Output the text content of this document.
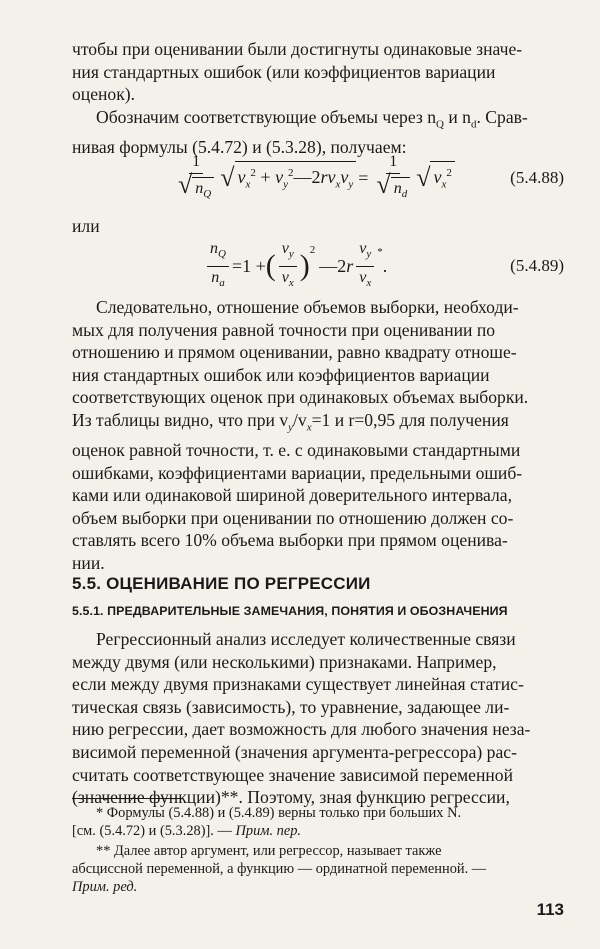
чтобы при оценивании были достигнуты одинаковые значе-
ния стандартных ошибок (или коэффициентов вариации
оценок).

Обозначим соответствующие объемы через $n_Q$ и $n_d$. Срав-
нивая формулы (5.4.72) и (5.3.28), получаем:

$\frac{1}{√ n_Q}$ √ $v_x^2$ + $v_y^2—2rv_xv_y = \frac{1}{√ n_d}$ √ $v_x^2$	(5.4.88)
или
$\frac{n_Q}{n_a} =1$ + ( $\frac{v_y}{v_x} )^2$
—2 r $\frac{v_y}{v_x} ^*$
.	(5.4.89)

Следовательно, отношение объемов выборки, необходи-
мых для получения равной точности при оценивании по
отношению и прямом оценивании, равно квадрату отноше-
ния стандартных ошибок или коэффициентов вариации
соответствующих оценок при одинаковых объемах выборки.
Из таблицы видно, что при $v_y/v_x=1$ и r=0,95 для получения
оценок равной точности, т. е. с одинаковыми стандартными
ошибками, коэффициентами вариации, предельными ошиб-
ками или одинаковой шириной доверительного интервала,
объем выборки при оценивании по отношению должен со-
ставлять всего 10% объема выборки при прямом оценива-
нии.

5.5. ОЦЕНИВАНИЕ ПО РЕГРЕССИИ
5.5.1. ПРЕДВАРИТЕЛЬНЫЕ ЗАМЕЧАНИЯ, ПОНЯТИЯ И ОБОЗНАЧЕНИЯ

Регрессионный анализ исследует количественные связи
между двумя (или несколькими) признаками. Например,
если между двумя признаками существует линейная статис-
тическая связь (зависимость), то уравнение, задающее ли-
нию регрессии, дает возможность для любого значения неза-
висимой переменной (значения аргумента-регрессора) рас-
считать соответствующее значение зависимой переменной
(значение функции)**. Поэтому, зная функцию регрессии,

* Формулы (5.4.88) и (5.4.89) верны только при больших N.
[см. (5.4.72) и (5.3.28)]. — Прим. пер.
** Далее автор аргумент, или регрессор, называет также
абсциссной переменной, а функцию — ординатной переменной. —
Прим. ред.
113
